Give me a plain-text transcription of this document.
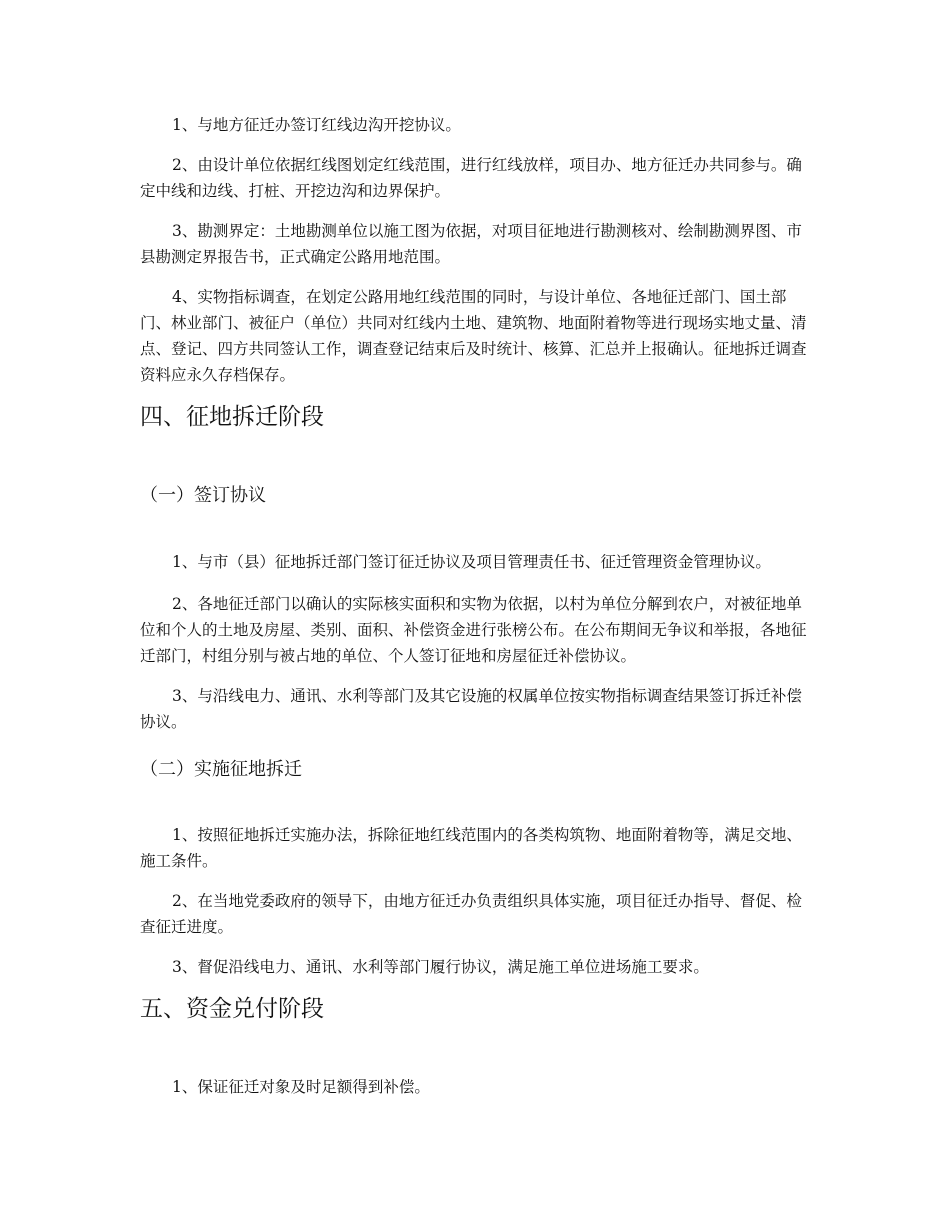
1、与地方征迁办签订红线边沟开挖协议。

2、由设计单位依据红线图划定红线范围，进行红线放样，项目办、地方征迁办共同参与。确定中线和边线、打桩、开挖边沟和边界保护。

3、勘测界定：土地勘测单位以施工图为依据，对项目征地进行勘测核对、绘制勘测界图、市县勘测定界报告书，正式确定公路用地范围。

4、实物指标调查，在划定公路用地红线范围的同时，与设计单位、各地征迁部门、国土部门、林业部门、被征户（单位）共同对红线内土地、建筑物、地面附着物等进行现场实地丈量、清点、登记、四方共同签认工作，调查登记结束后及时统计、核算、汇总并上报确认。征地拆迁调查资料应永久存档保存。

四、征地拆迁阶段
（一）签订协议

1、与市（县）征地拆迁部门签订征迁协议及项目管理责任书、征迁管理资金管理协议。

2、各地征迁部门以确认的实际核实面积和实物为依据，以村为单位分解到农户，对被征地单位和个人的土地及房屋、类别、面积、补偿资金进行张榜公布。在公布期间无争议和举报，各地征迁部门，村组分别与被占地的单位、个人签订征地和房屋征迁补偿协议。

3、与沿线电力、通讯、水利等部门及其它设施的权属单位按实物指标调查结果签订拆迁补偿协议。

（二）实施征地拆迁

1、按照征地拆迁实施办法，拆除征地红线范围内的各类构筑物、地面附着物等，满足交地、施工条件。

2、在当地党委政府的领导下，由地方征迁办负责组织具体实施，项目征迁办指导、督促、检查征迁进度。

3、督促沿线电力、通讯、水利等部门履行协议，满足施工单位进场施工要求。

五、资金兑付阶段

1、保证征迁对象及时足额得到补偿。
